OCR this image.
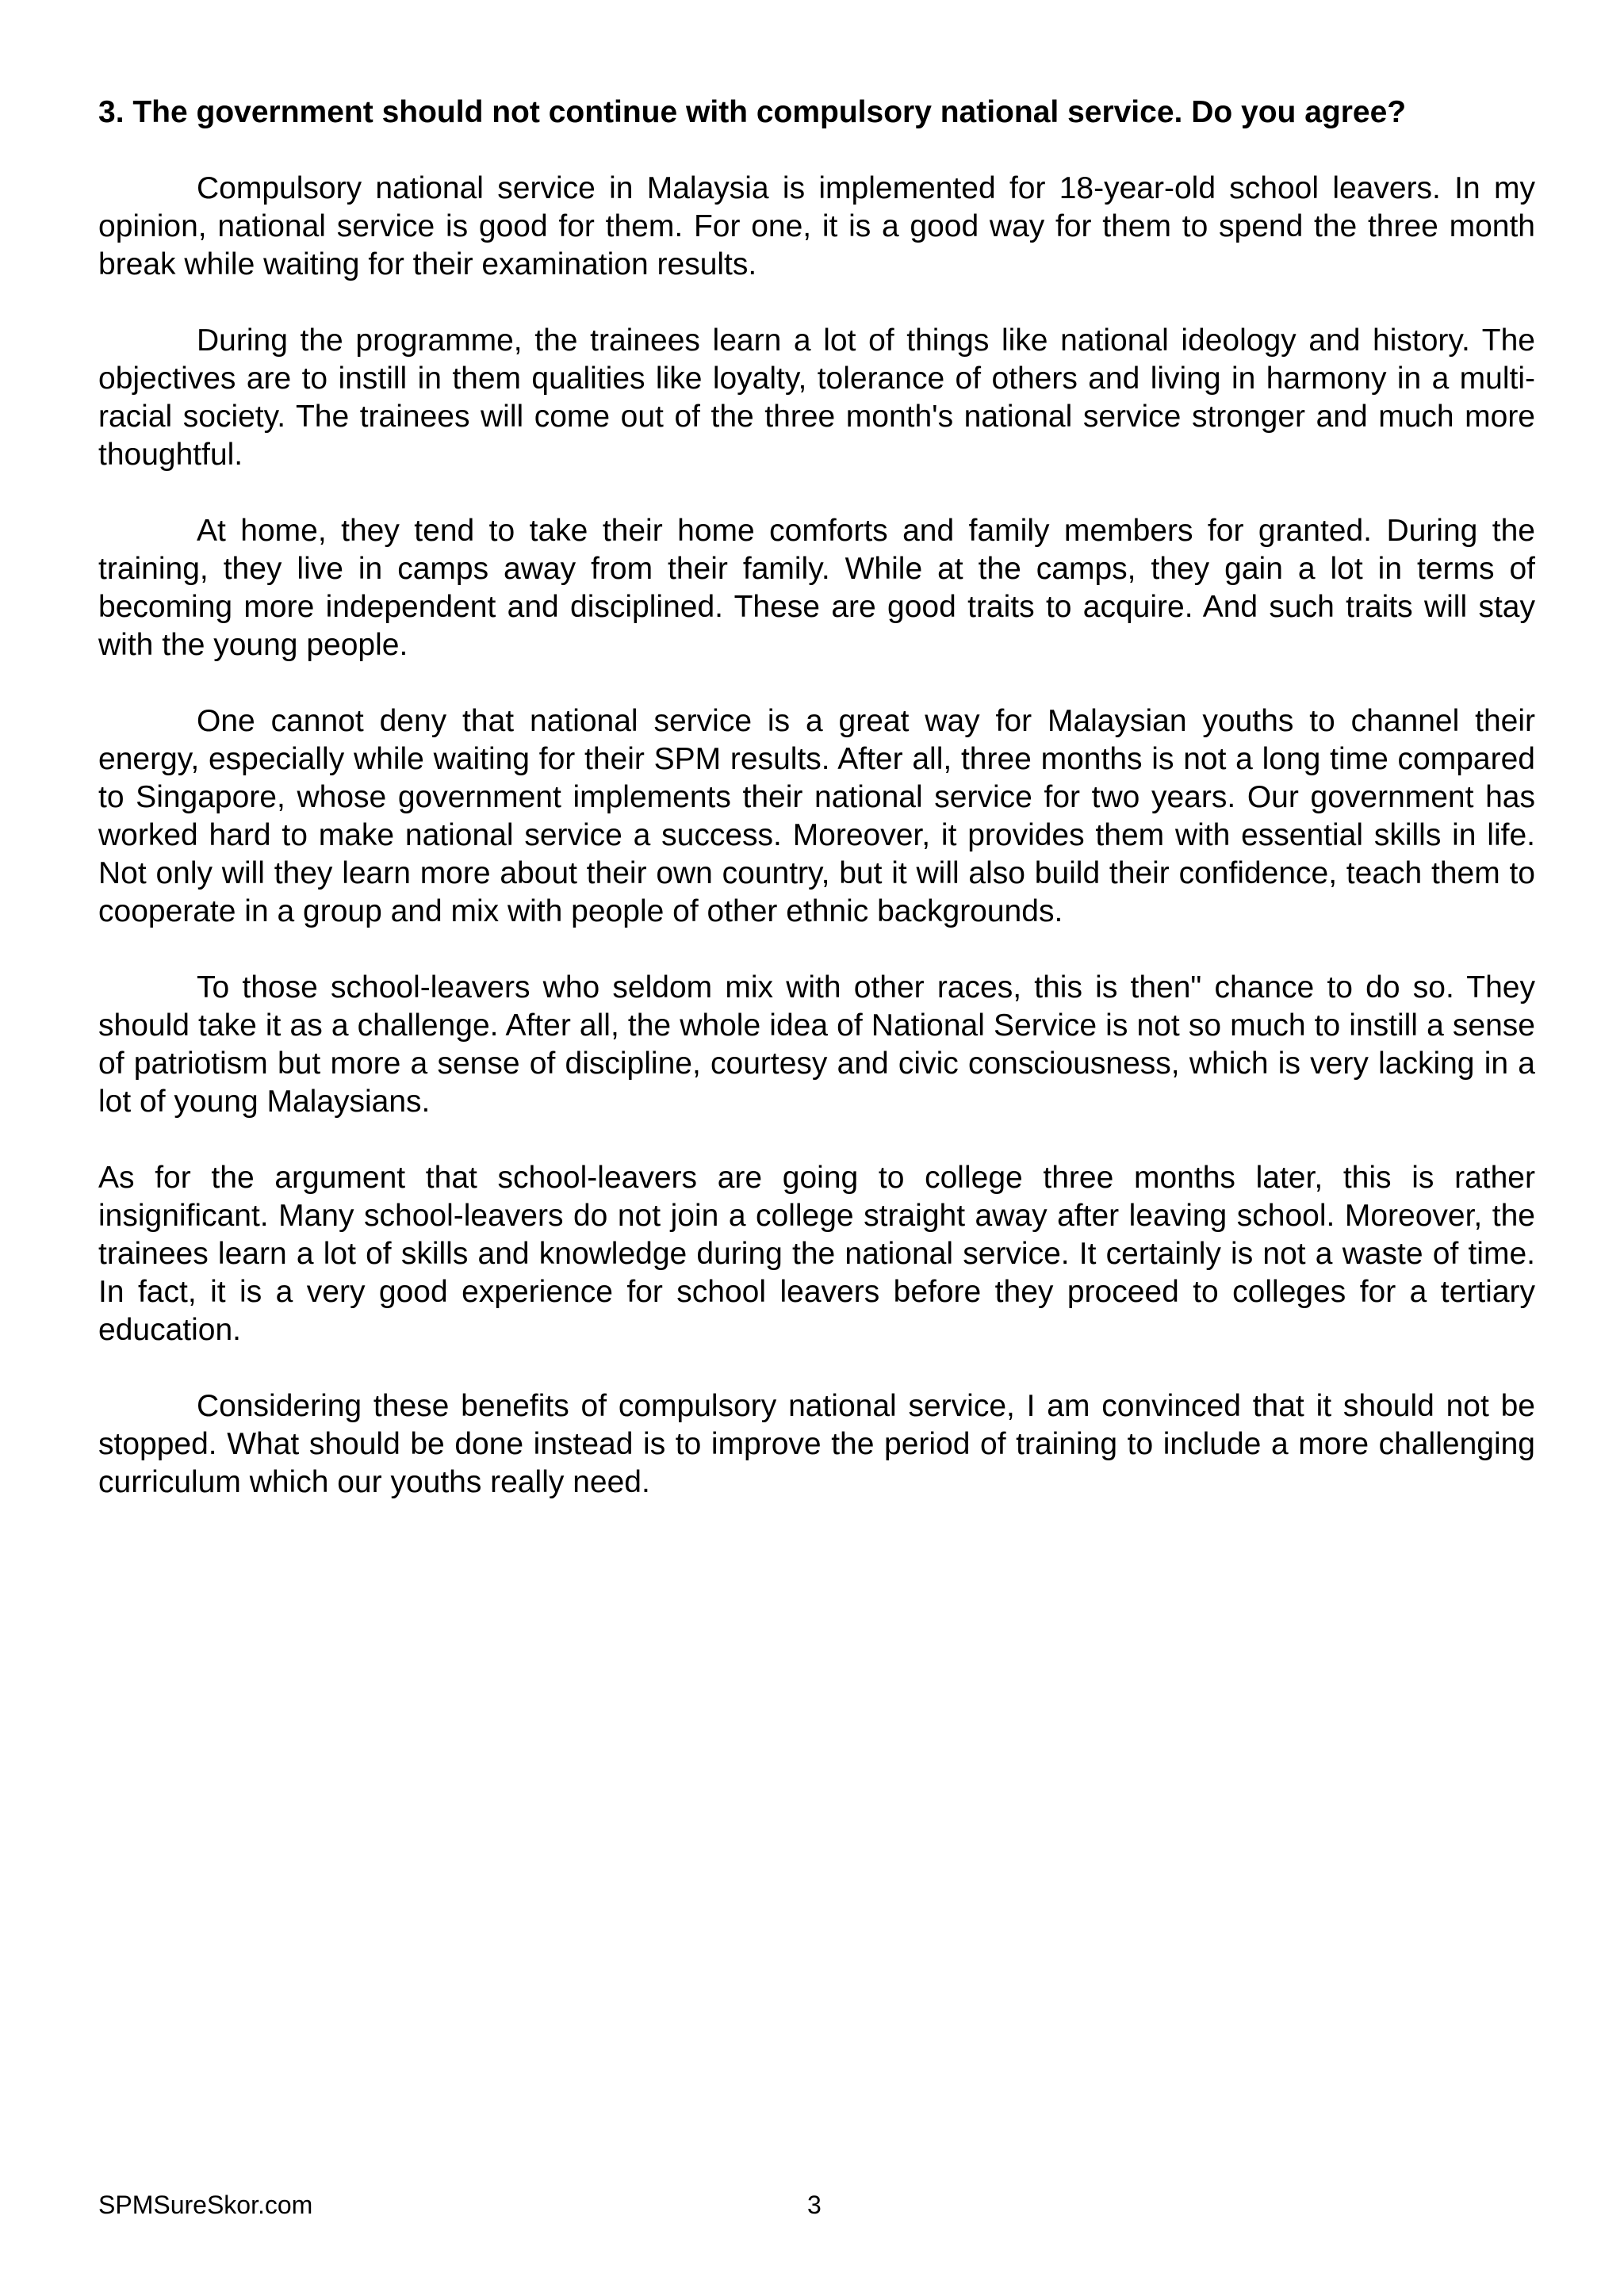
3. The government should not continue with compulsory national service. Do you agree?

Compulsory national service in Malaysia is implemented for 18-year-old school leavers. In my opinion, national service is good for them. For one, it is a good way for them to spend the three month break while waiting for their examination results.

During the programme, the trainees learn a lot of things like national ideology and history. The objectives are to instill in them qualities like loyalty, tolerance of others and living in harmony in a multi-racial society. The trainees will come out of the three month's national service stronger and much more thoughtful.

At home, they tend to take their home comforts and family members for granted. During the training, they live in camps away from their family. While at the camps, they gain a lot in terms of becoming more independent and disciplined. These are good traits to acquire. And such traits will stay with the young people.

One cannot deny that national service is a great way for Malaysian youths to channel their energy, especially while waiting for their SPM results. After all, three months is not a long time compared to Singapore, whose government implements their national service for two years. Our government has worked hard to make national service a success. Moreover, it provides them with essential skills in life. Not only will they learn more about their own country, but it will also build their confidence, teach them to cooperate in a group and mix with people of other ethnic backgrounds.

To those school-leavers who seldom mix with other races, this is then" chance to do so. They should take it as a challenge. After all, the whole idea of National Service is not so much to instill a sense of patriotism but more a sense of discipline, courtesy and civic consciousness, which is very lacking in a lot of young Malaysians.

As for the argument that school-leavers are going to college three months later, this is rather insignificant. Many school-leavers do not join a college straight away after leaving school. Moreover, the trainees learn a lot of skills and knowledge during the national service. It certainly is not a waste of time. In fact, it is a very good experience for school leavers before they proceed to colleges for a tertiary education.

Considering these benefits of compulsory national service, I am convinced that it should not be stopped. What should be done instead is to improve the period of training to include a more challenging curriculum which our youths really need.

SPMSureSkor.com	3
